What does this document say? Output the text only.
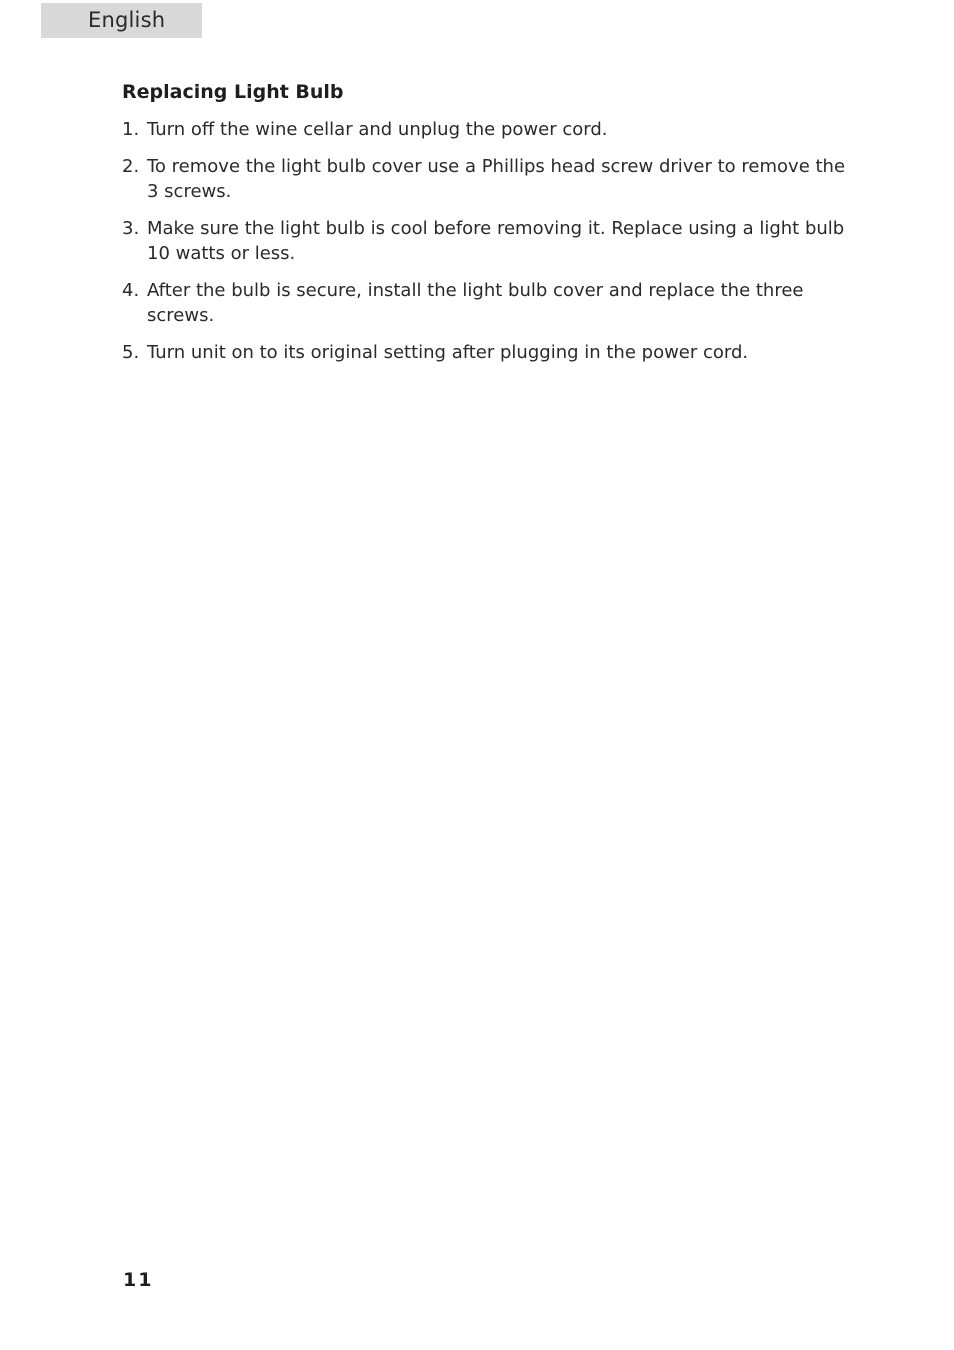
English
Replacing Light Bulb
1. Turn off the wine cellar and unplug the power cord.
2. To remove the light bulb cover use a Phillips head screw driver to remove the 3 screws.
3. Make sure the light bulb is cool before removing it. Replace using a light bulb 10 watts or less.
4. After the bulb is secure, install the light bulb cover and replace the three screws.
5. Turn unit on to its original setting after plugging in the power cord.
11
